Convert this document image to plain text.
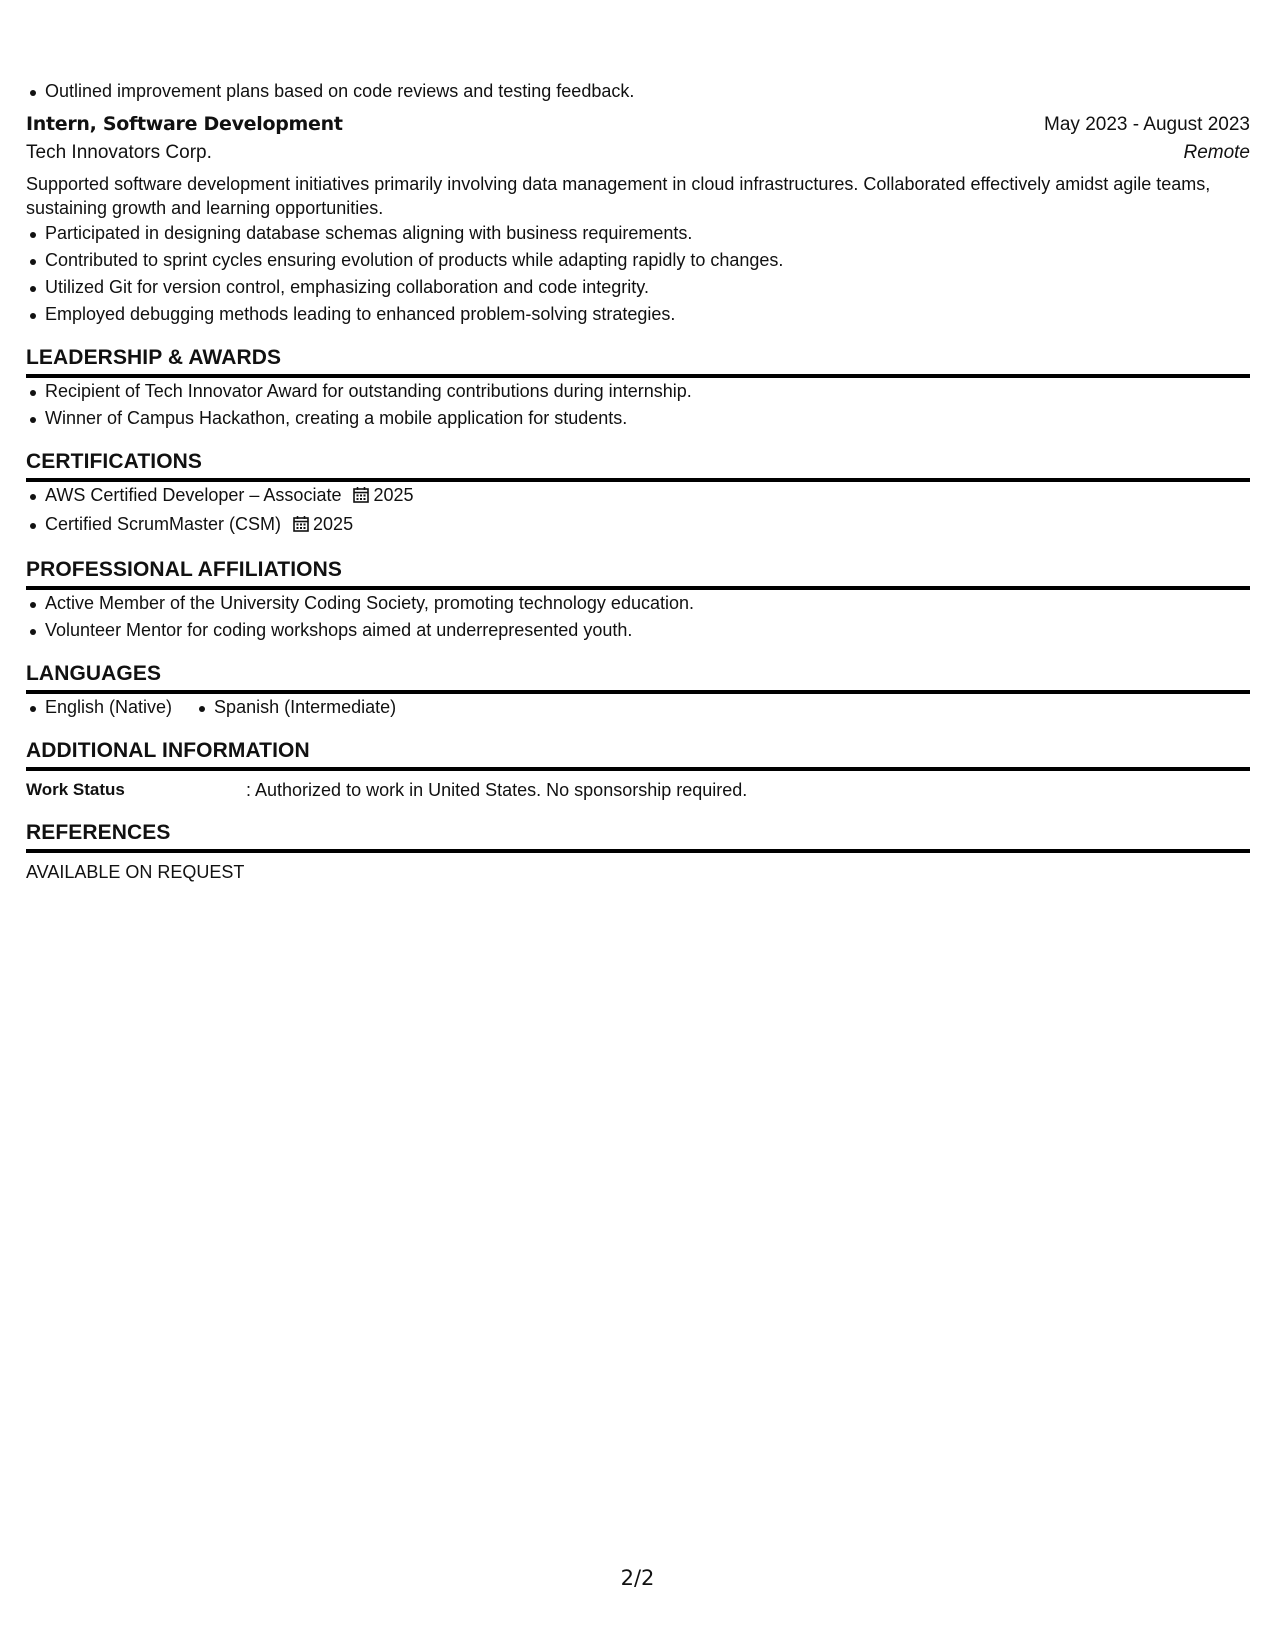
Outlined improvement plans based on code reviews and testing feedback.
Intern, Software Development	May 2023 - August 2023
Tech Innovators Corp.	Remote
Supported software development initiatives primarily involving data management in cloud infrastructures. Collaborated effectively amidst agile teams, sustaining growth and learning opportunities.
Participated in designing database schemas aligning with business requirements.
Contributed to sprint cycles ensuring evolution of products while adapting rapidly to changes.
Utilized Git for version control, emphasizing collaboration and code integrity.
Employed debugging methods leading to enhanced problem-solving strategies.
LEADERSHIP & AWARDS
Recipient of Tech Innovator Award for outstanding contributions during internship.
Winner of Campus Hackathon, creating a mobile application for students.
CERTIFICATIONS
AWS Certified Developer – Associate 2025
Certified ScrumMaster (CSM) 2025
PROFESSIONAL AFFILIATIONS
Active Member of the University Coding Society, promoting technology education.
Volunteer Mentor for coding workshops aimed at underrepresented youth.
LANGUAGES
English (Native) Spanish (Intermediate)
ADDITIONAL INFORMATION
Work Status	: Authorized to work in United States. No sponsorship required.
REFERENCES
AVAILABLE ON REQUEST
2/2
